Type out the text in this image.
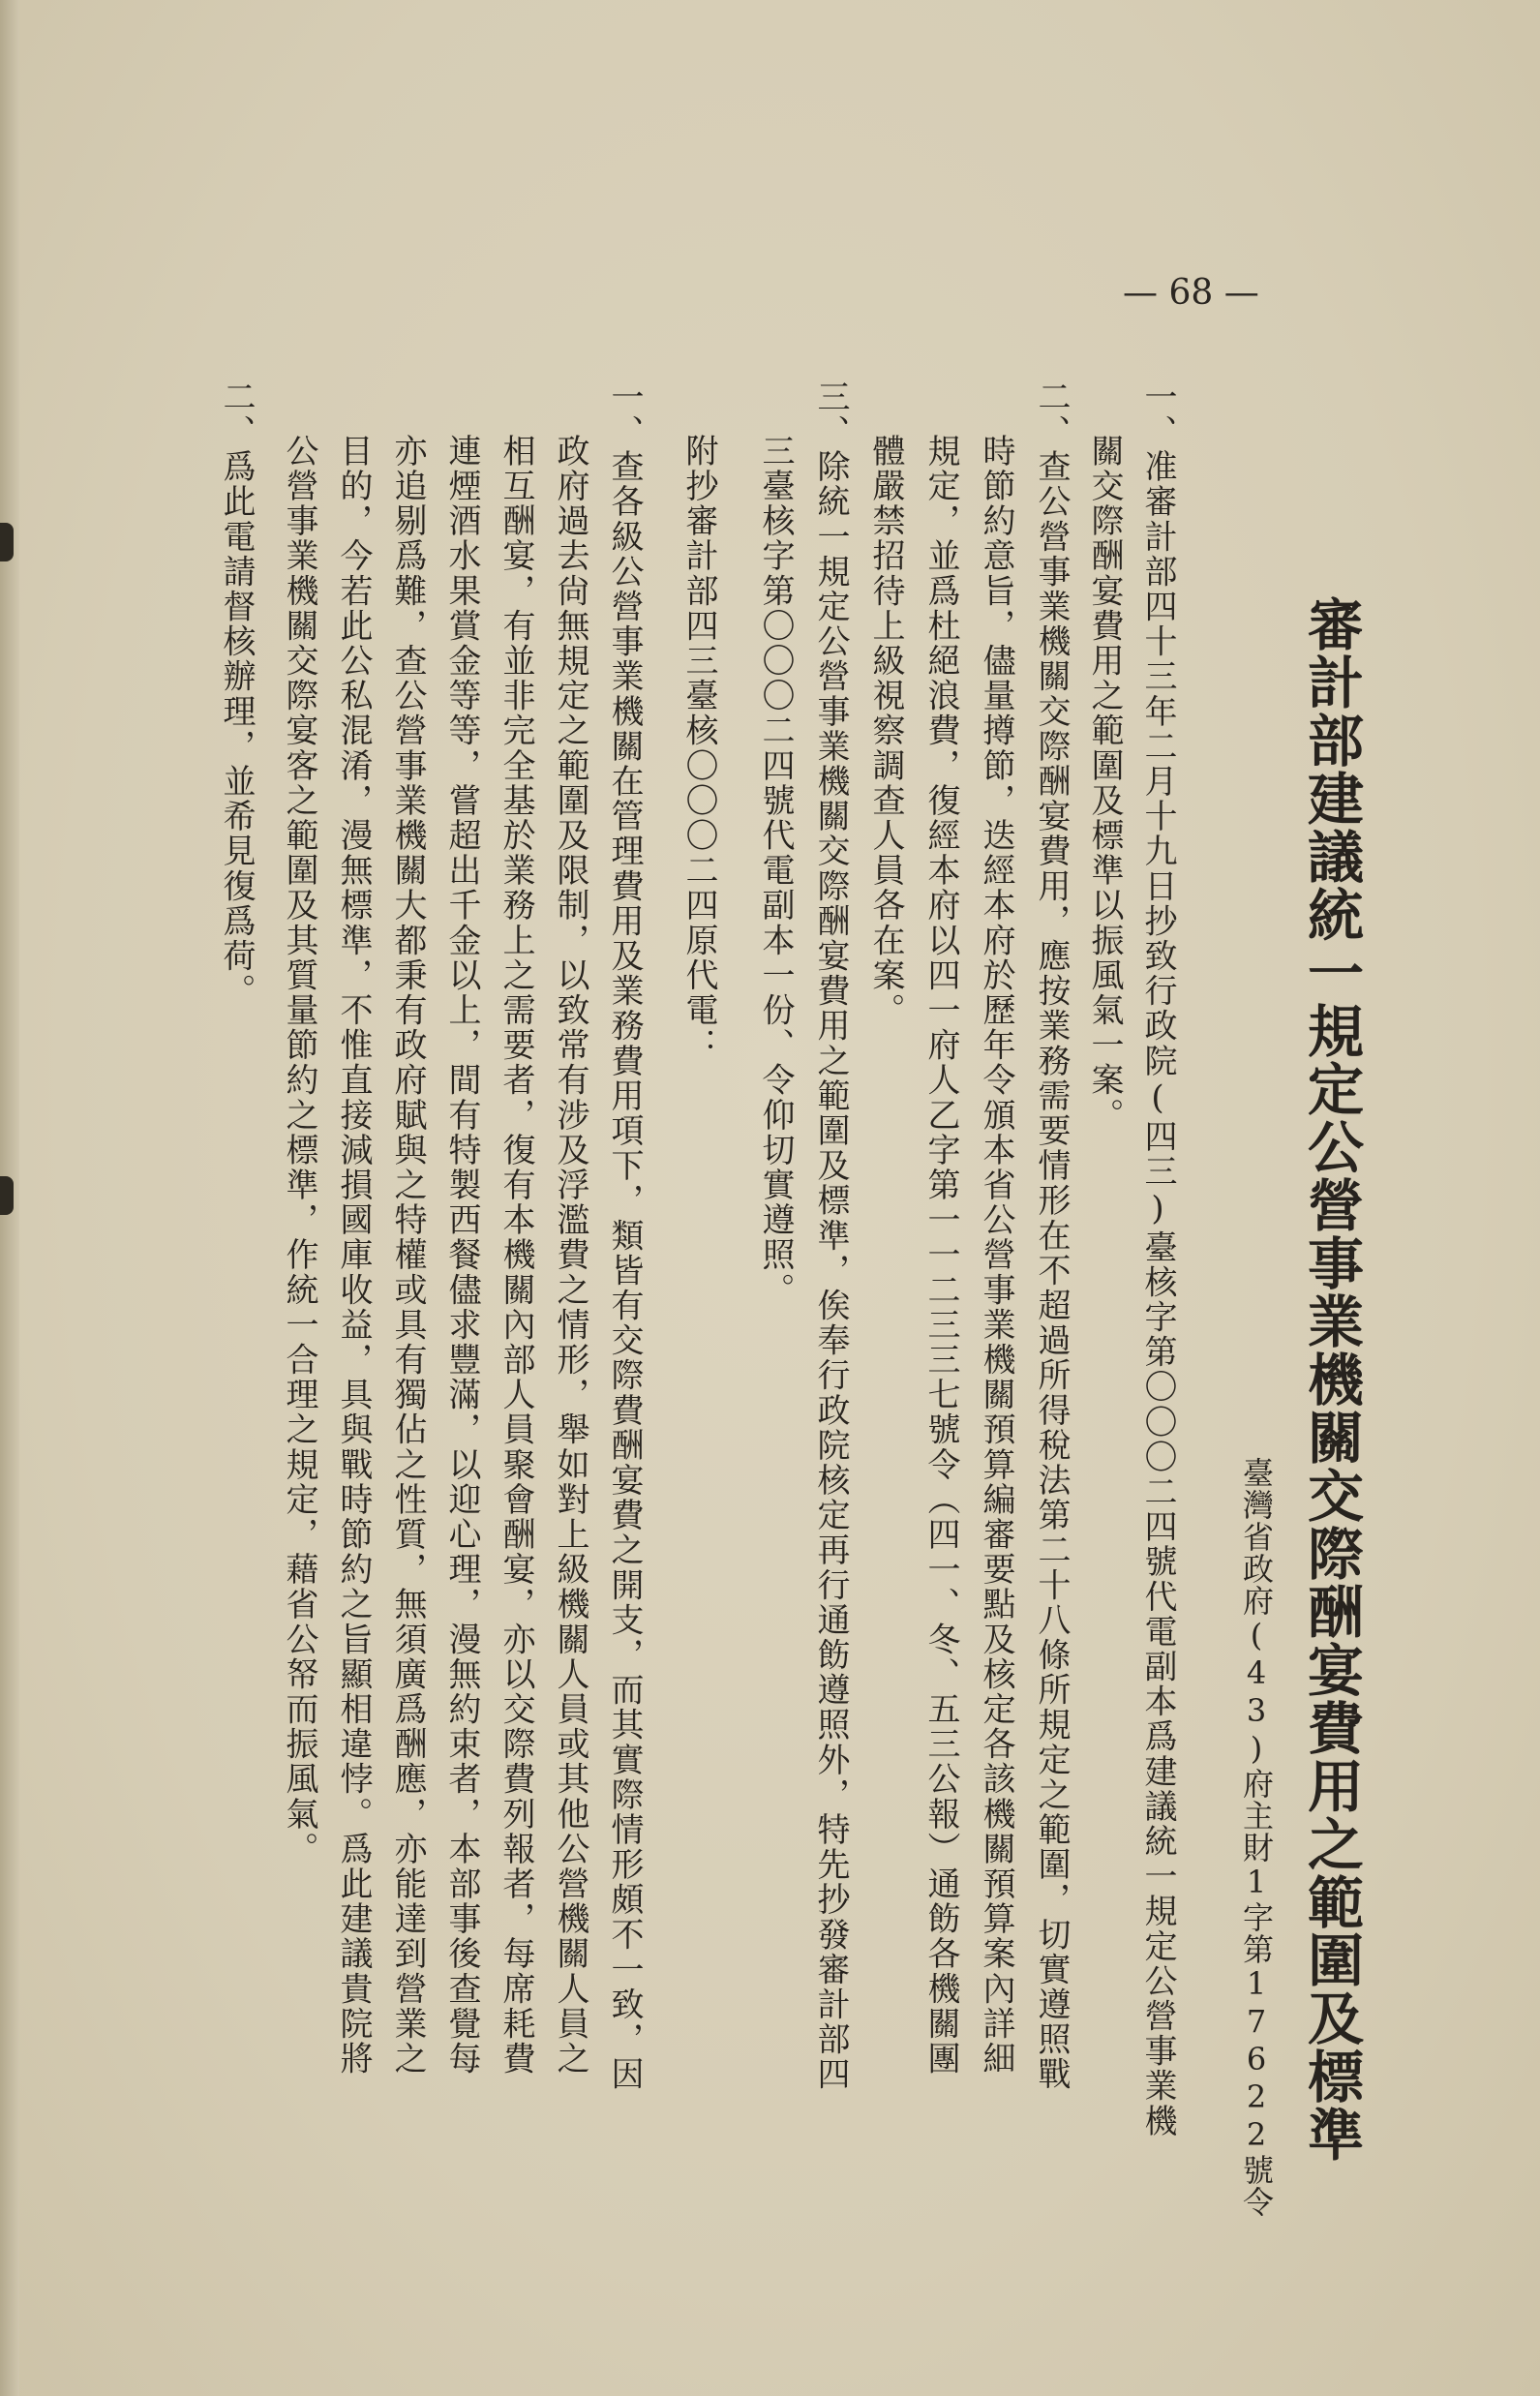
— 68 —
審計部建議統一規定公營事業機關交際酬宴費用之範圍及標準
臺灣省政府(43)府主財1字第17622號令
一、准審計部四十三年二月十九日抄致行政院(四三)臺核字第〇〇〇二四號代電副本爲建議統一規定公營事業機
關交際酬宴費用之範圍及標準以振風氣一案。
二、查公營事業機關交際酬宴費用，應按業務需要情形在不超過所得稅法第二十八條所規定之範圍，切實遵照戰
時節約意旨，儘量撙節，迭經本府於歷年令頒本省公營事業機關預算編審要點及核定各該機關預算案內詳細
規定，並爲杜絕浪費，復經本府以四一府人乙字第一一二三三七號令（四一、冬、五三公報）通飭各機關團
體嚴禁招待上級視察調查人員各在案。
三、除統一規定公營事業機關交際酬宴費用之範圍及標準，俟奉行政院核定再行通飭遵照外，特先抄發審計部四
三臺核字第〇〇〇二四號代電副本一份、令仰切實遵照。
附抄審計部四三臺核〇〇〇二四原代電：
一、查各級公營事業機關在管理費用及業務費用項下，類皆有交際費酬宴費之開支，而其實際情形頗不一致，因
政府過去尙無規定之範圍及限制，以致常有涉及浮濫費之情形，舉如對上級機關人員或其他公營機關人員之
相互酬宴，有並非完全基於業務上之需要者，復有本機關內部人員聚會酬宴，亦以交際費列報者，每席耗費
連煙酒水果賞金等等，嘗超出千金以上，間有特製西餐儘求豐滿，以迎心理，漫無約束者，本部事後查覺每
亦追剔爲難，查公營事業機關大都秉有政府賦與之特權或具有獨佔之性質，無須廣爲酬應，亦能達到營業之
目的，今若此公私混淆，漫無標準，不惟直接減損國庫收益，具與戰時節約之旨顯相違悖。爲此建議貴院將
公營事業機關交際宴客之範圍及其質量節約之標準，作統一合理之規定，藉省公帑而振風氣。
二、爲此電請督核辦理，並希見復爲荷。
